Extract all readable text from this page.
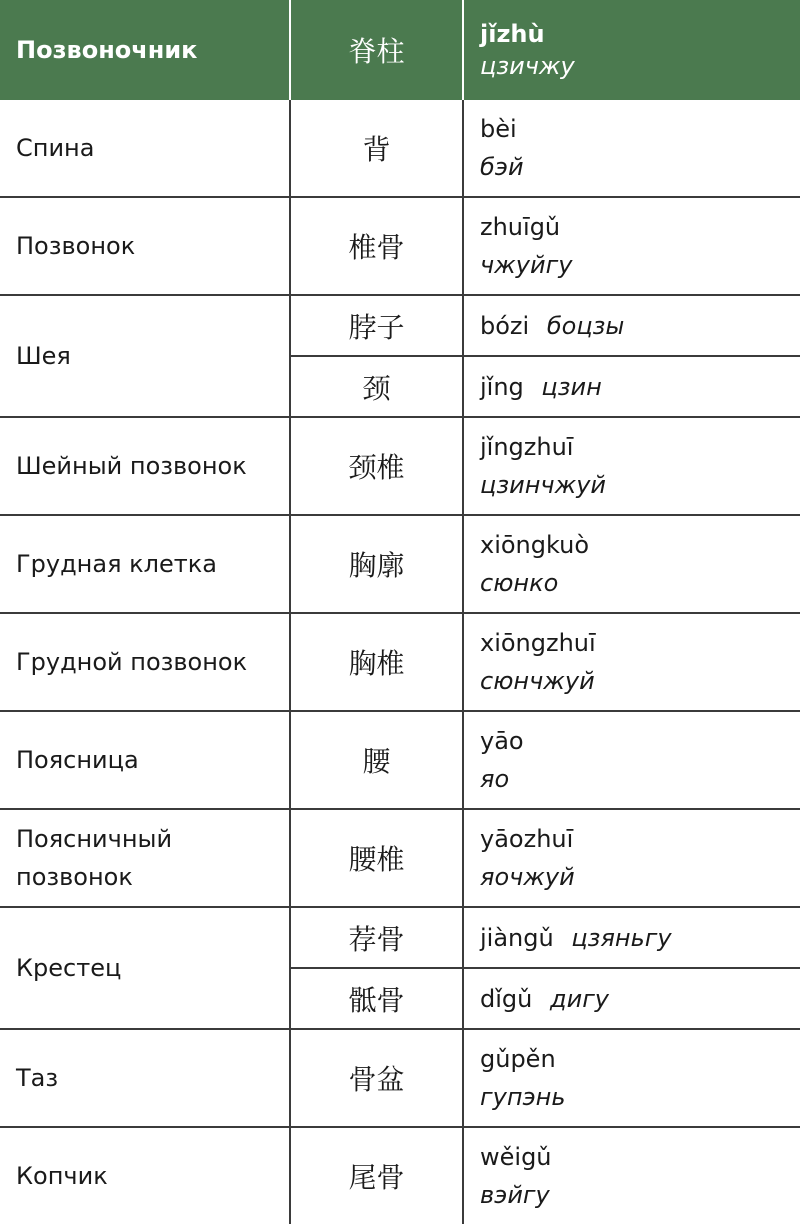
Позвоночник	脊柱	jǐzhù
цзичжу

Спина	背	bèi
бэй

Позвонок	椎骨	zhuīgǔ
чжуйгу

Шея	脖子	bózi боцзы
	颈	jǐng цзин
Шейный позвонок	颈椎	jǐngzhuī
цзинчжуй

Грудная клетка	胸廓	xiōngkuò
сюнко

Грудной позвонок	胸椎	xiōngzhuī
сюнчжуй

Поясница	腰	yāo
яо

Поясничный
позвонок	腰椎	yāozhuī
яочжуй

Крестец	荐骨	jiàngǔ цзяньгу
	骶骨	dǐgǔ дигу
Таз	骨盆	gǔpěn
гупэнь

Копчик	尾骨	wěigǔ
вэйгу
